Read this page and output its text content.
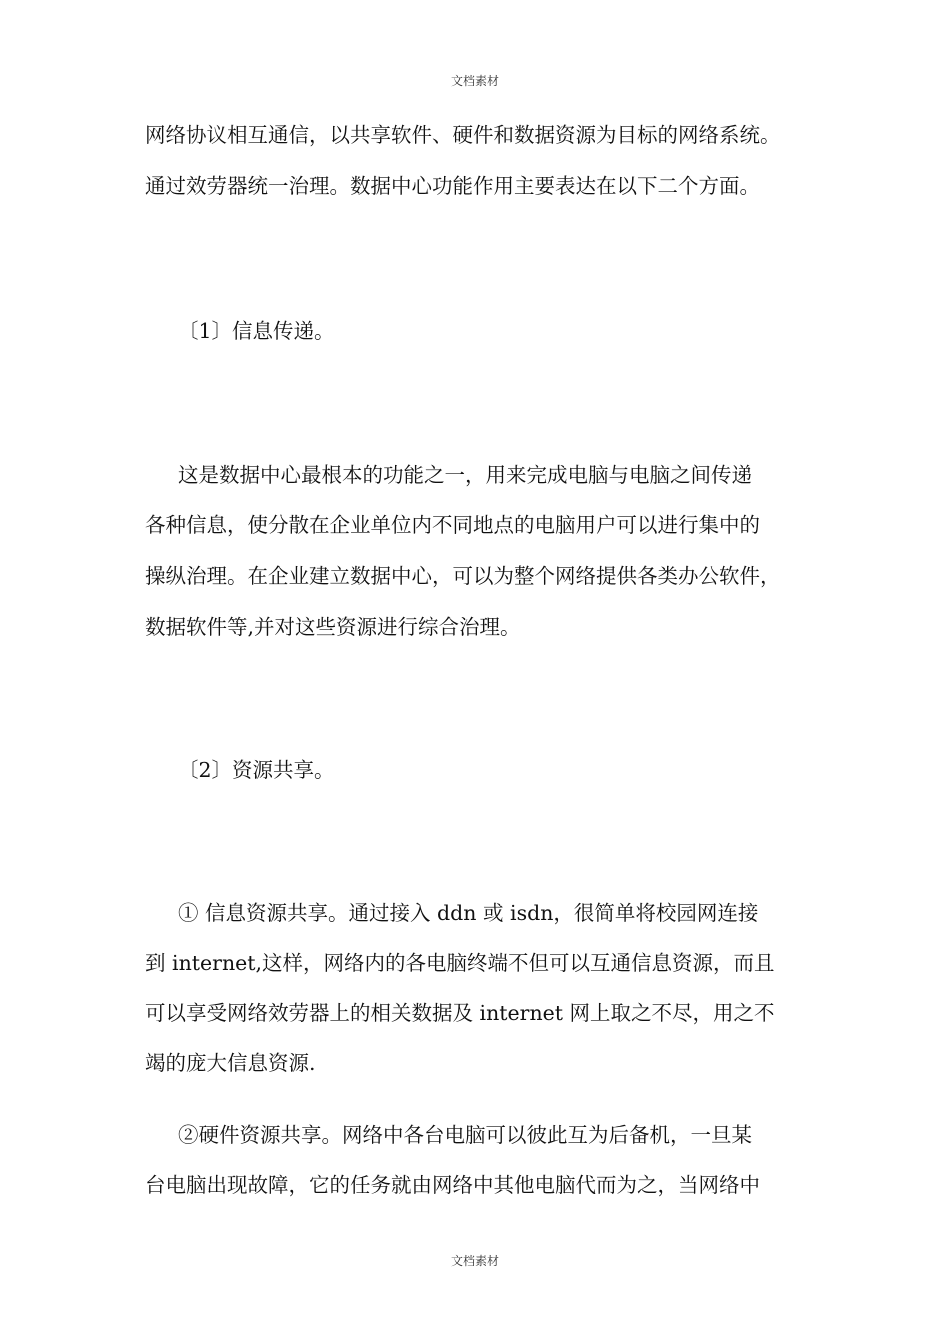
文档素材
网络协议相互通信，以共享软件、硬件和数据资源为目标的网络系统。
通过效劳器统一治理。数据中心功能作用主要表达在以下二个方面。
〔1〕信息传递。
这是数据中心最根本的功能之一，用来完成电脑与电脑之间传递
各种信息，使分散在企业单位内不同地点的电脑用户可以进行集中的
操纵治理。在企业建立数据中心，可以为整个网络提供各类办公软件，
数据软件等,并对这些资源进行综合治理。
〔2〕资源共享。
① 信息资源共享。通过接入 ddn 或 isdn，很简单将校园网连接
到 internet,这样，网络内的各电脑终端不但可以互通信息资源，而且
可以享受网络效劳器上的相关数据及 internet 网上取之不尽，用之不
竭的庞大信息资源.
②硬件资源共享。网络中各台电脑可以彼此互为后备机，一旦某
台电脑出现故障，它的任务就由网络中其他电脑代而为之，当网络中
文档素材
